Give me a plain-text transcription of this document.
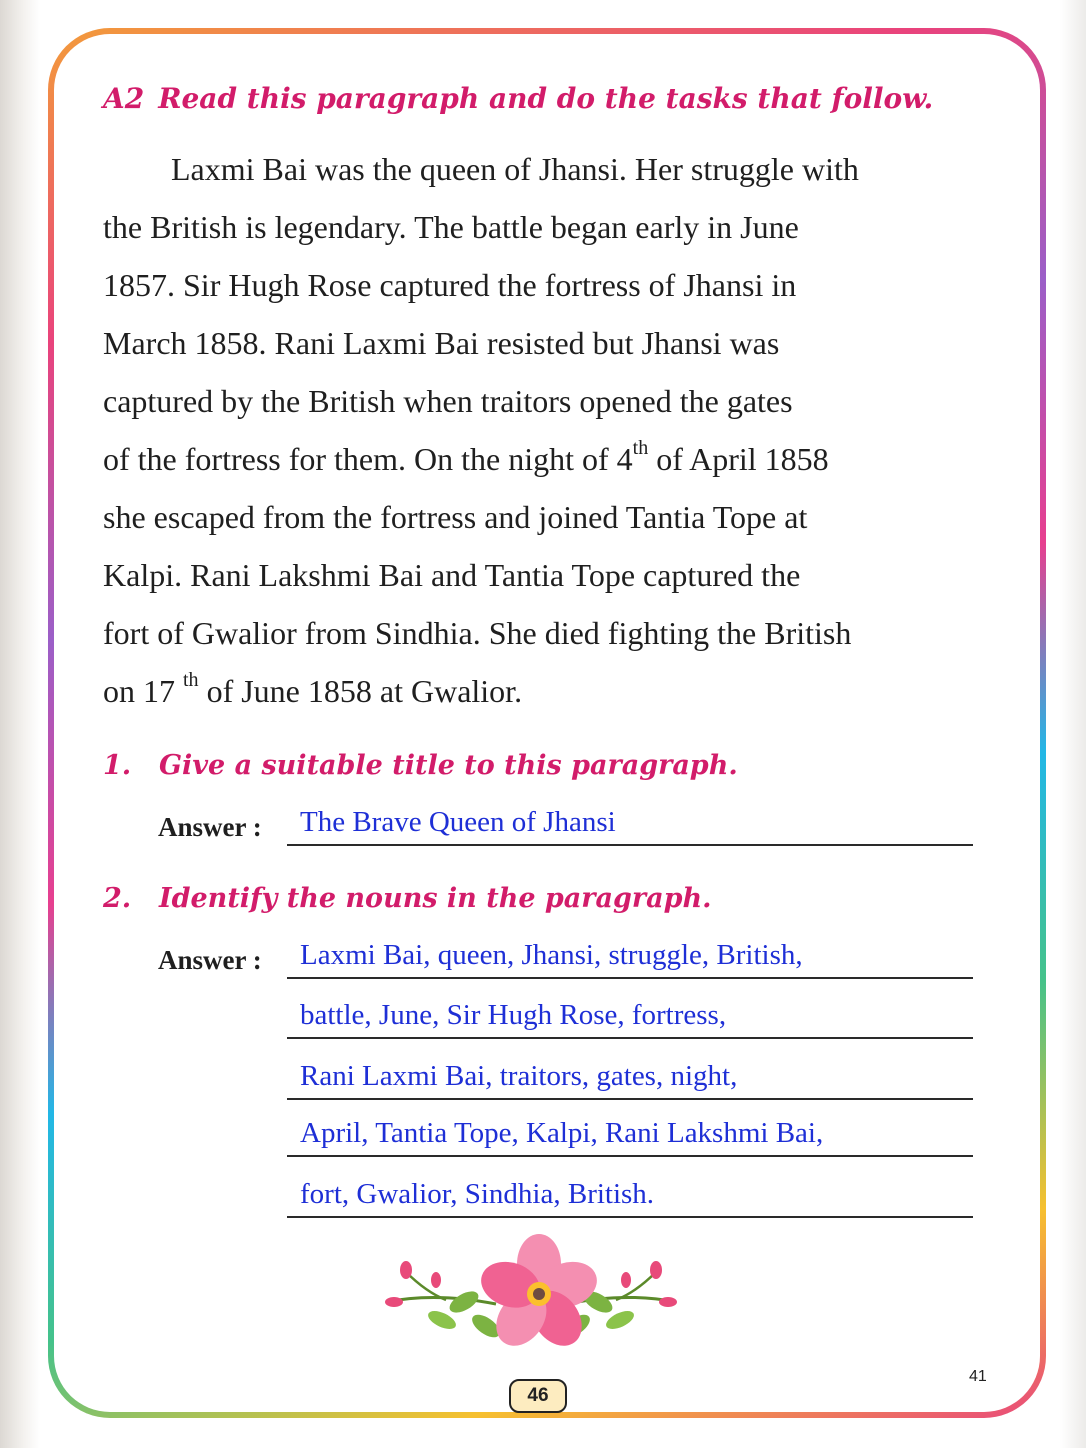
A2 Read this paragraph and do the tasks that follow.
Laxmi Bai was the queen of Jhansi. Her struggle with
the British is legendary. The battle began early in June
1857. Sir Hugh Rose captured the fortress of Jhansi in
March 1858. Rani Laxmi Bai resisted but Jhansi was
captured by the British when traitors opened the gates
of the fortress for them. On the night of 4th of April 1858
she escaped from the fortress and joined Tantia Tope at
Kalpi. Rani Lakshmi Bai and Tantia Tope captured the
fort of Gwalior from Sindhia. She died fighting the British
on 17 $^{th}$ of June 1858 at Gwalior.

1. Give a suitable title to this paragraph.

Answer :	The Brave Queen of Jhansi

2. Identify the nouns in the paragraph.

Answer :	Laxmi Bai, queen, Jhansi, struggle, British,
battle, June, Sir Hugh Rose, fortress,
Rani Laxmi Bai, traitors, gates, night,
April, Tantia Tope, Kalpi, Rani Lakshmi Bai,
fort, Gwalior, Sindhia, British.
41
46
